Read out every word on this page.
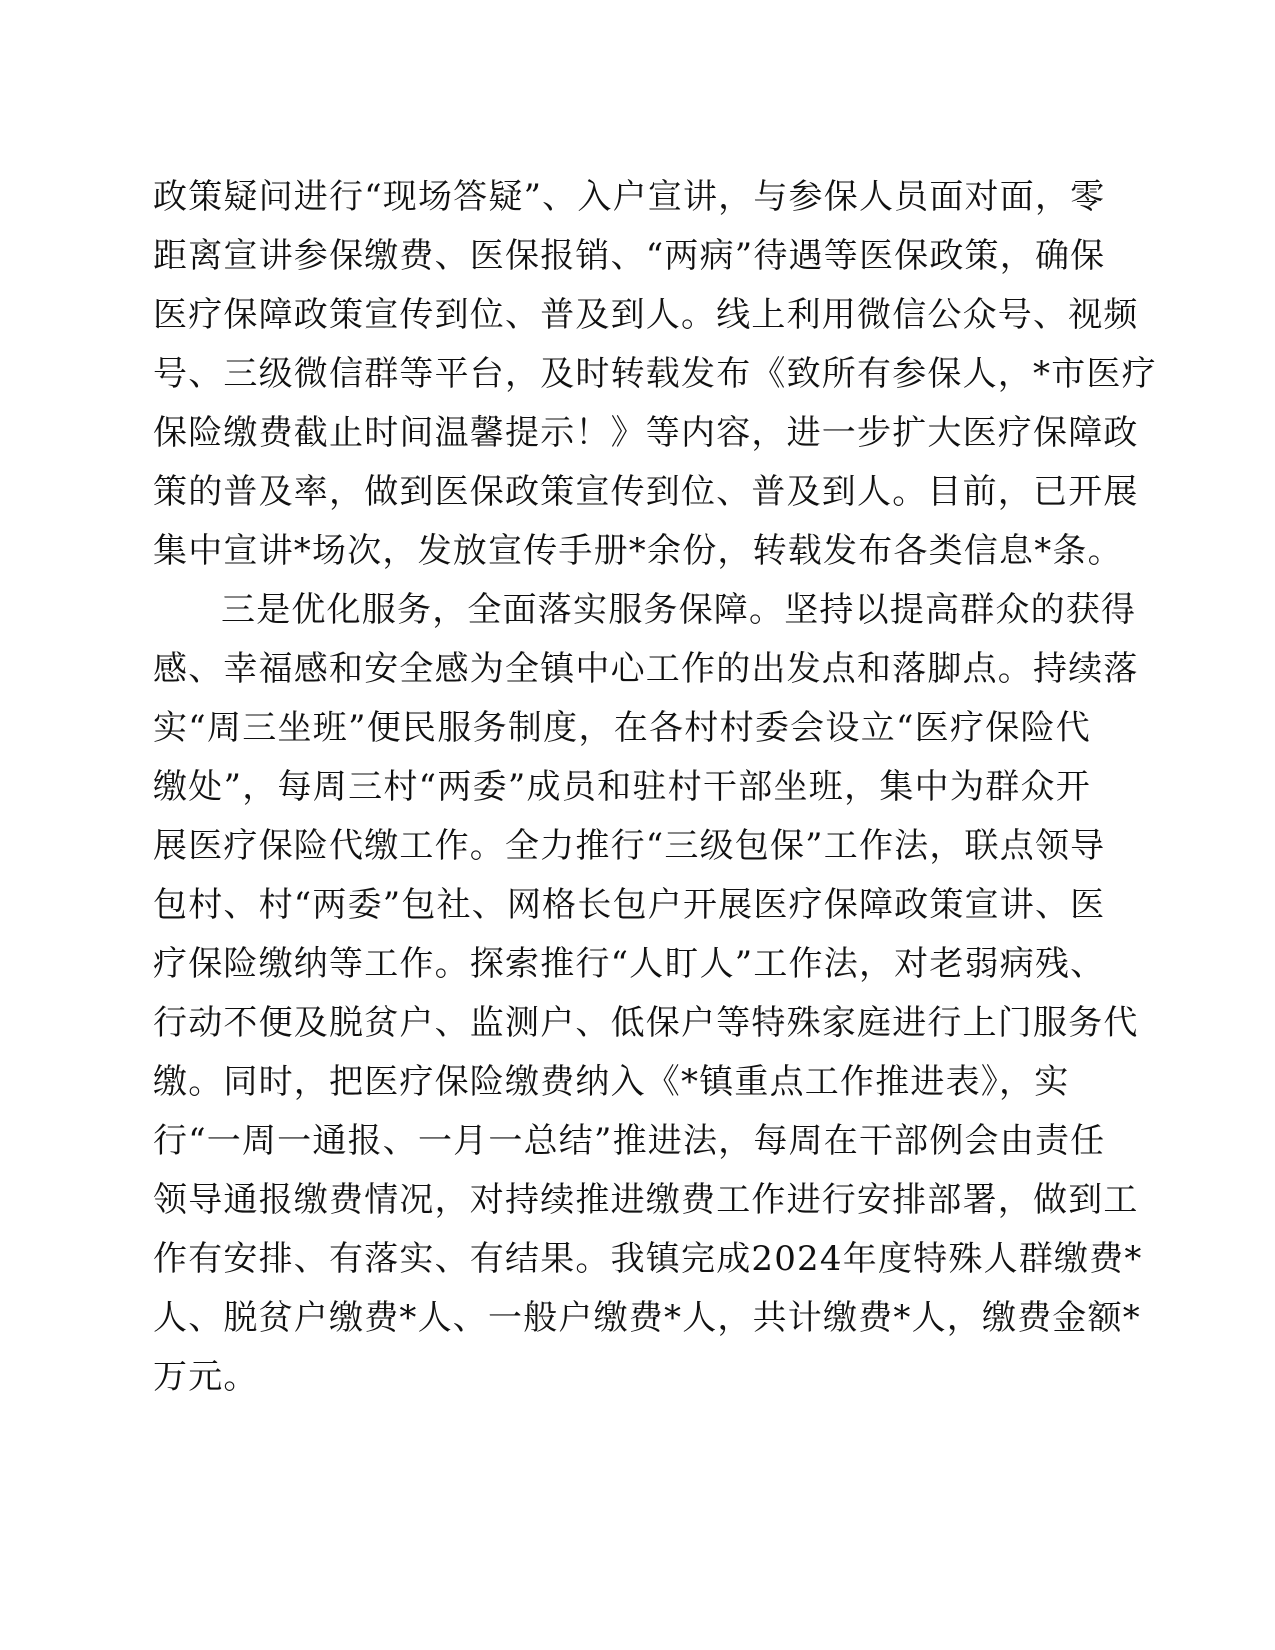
政策疑问进行“现场答疑”、入户宣讲，与参保人员面对面，零
距离宣讲参保缴费、医保报销、“两病”待遇等医保政策，确保
医疗保障政策宣传到位、普及到人。线上利用微信公众号、视频
号、三级微信群等平台，及时转载发布《致所有参保人，*市医疗
保险缴费截止时间温馨提示！》等内容，进一步扩大医疗保障政
策的普及率，做到医保政策宣传到位、普及到人。目前，已开展
集中宣讲*场次，发放宣传手册*余份，转载发布各类信息*条。
三是优化服务，全面落实服务保障。坚持以提高群众的获得
感、幸福感和安全感为全镇中心工作的出发点和落脚点。持续落
实“周三坐班”便民服务制度，在各村村委会设立“医疗保险代
缴处”，每周三村“两委”成员和驻村干部坐班，集中为群众开
展医疗保险代缴工作。全力推行“三级包保”工作法，联点领导
包村、村“两委”包社、网格长包户开展医疗保障政策宣讲、医
疗保险缴纳等工作。探索推行“人盯人”工作法，对老弱病残、
行动不便及脱贫户、监测户、低保户等特殊家庭进行上门服务代
缴。同时，把医疗保险缴费纳入《*镇重点工作推进表》，实
行“一周一通报、一月一总结”推进法，每周在干部例会由责任
领导通报缴费情况，对持续推进缴费工作进行安排部署，做到工
作有安排、有落实、有结果。我镇完成2024年度特殊人群缴费*
人、脱贫户缴费*人、一般户缴费*人，共计缴费*人，缴费金额*
万元。
